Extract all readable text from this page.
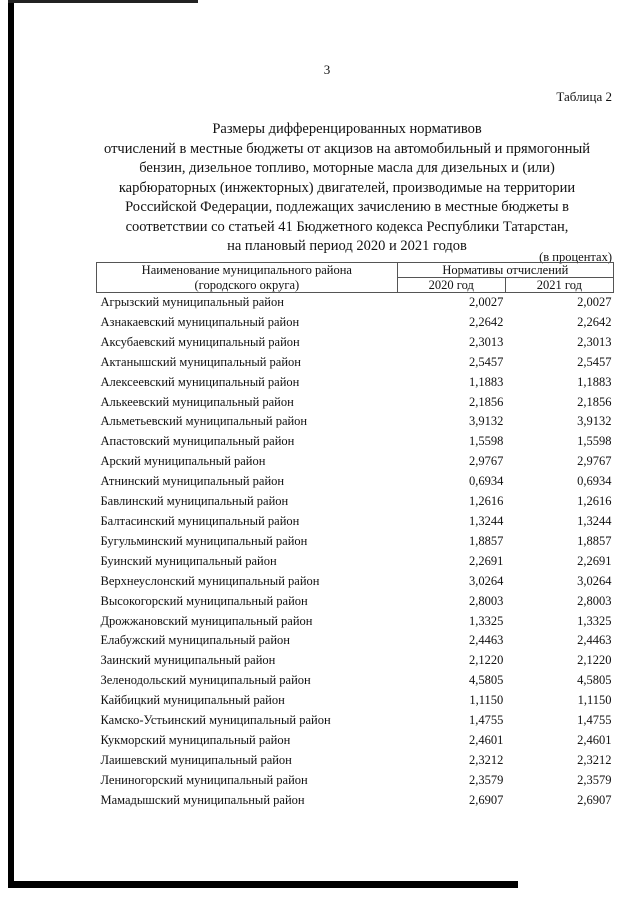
3
Таблица 2
Размеры дифференцированных нормативов
отчислений в местные бюджеты от акцизов на автомобильный и прямогонный
бензин, дизельное топливо, моторные масла для дизельных и (или)
карбюраторных (инжекторных) двигателей, производимые на территории
Российской Федерации, подлежащих зачислению в местные бюджеты в
соответствии со статьей 41 Бюджетного кодекса Республики Татарстан,
на плановый период 2020 и 2021 годов
(в процентах)
Наименование муниципального района	Нормативы отчислений	
(городского округа)	2020 год	2021 год
Агрызский муниципальный район	2,0027	2,0027
Азнакаевский муниципальный район	2,2642	2,2642
Аксубаевский муниципальный район	2,3013	2,3013
Актанышский муниципальный район	2,5457	2,5457
Алексеевский муниципальный район	1,1883	1,1883
Алькеевский муниципальный район	2,1856	2,1856
Альметьевский муниципальный район	3,9132	3,9132
Апастовский муниципальный район	1,5598	1,5598
Арский муниципальный район	2,9767	2,9767
Атнинский муниципальный район	0,6934	0,6934
Бавлинский муниципальный район	1,2616	1,2616
Балтасинский муниципальный район	1,3244	1,3244
Бугульминский муниципальный район	1,8857	1,8857
Буинский муниципальный район	2,2691	2,2691
Верхнеуслонский муниципальный район	3,0264	3,0264
Высокогорский муниципальный район	2,8003	2,8003
Дрожжановский муниципальный район	1,3325	1,3325
Елабужский муниципальный район	2,4463	2,4463
Заинский муниципальный район	2,1220	2,1220
Зеленодольский муниципальный район	4,5805	4,5805
Кайбицкий муниципальный район	1,1150	1,1150
Камско-Устьинский муниципальный район	1,4755	1,4755
Кукморский муниципальный район	2,4601	2,4601
Лаишевский муниципальный район	2,3212	2,3212
Лениногорский муниципальный район	2,3579	2,3579
Мамадышский муниципальный район	2,6907	2,6907
